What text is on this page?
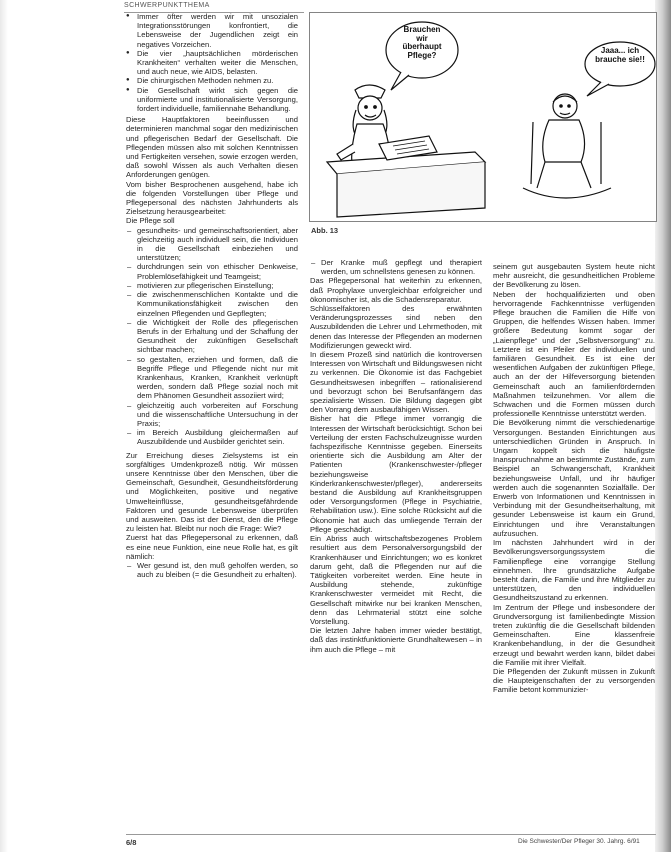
SCHWERPUNKTTHEMA
● Immer öfter werden wir mit unsozialen Integrationsstörungen konfrontiert, die Lebensweise der Jugendlichen zeigt ein negatives Vorzeichen.
● Die vier „hauptsächlichen mörderischen Krankheiten“ verhalten weiter die Menschen, und auch neue, wie AIDS, belasten.
● Die chirurgischen Methoden nehmen zu.
● Die Gesellschaft wirkt sich gegen die uniformierte und institutionalisierte Versorgung, fordert individuelle, familiennahe Behandlung.

Diese Hauptfaktoren beeinflussen und determinieren manchmal sogar den medizinischen und pflegerischen Bedarf der Gesellschaft. Die Pflegenden müssen also mit solchen Kenntnissen und Fertigkeiten versehen, sowie erzogen werden, daß sowohl Wissen als auch Verhalten diesen Anforderungen genügen.

Vom bisher Besprochenen ausgehend, habe ich die folgenden Vorstellungen über Pflege und Pflegepersonal des nächsten Jahrhunderts als Zielsetzung herausgearbeitet:

Die Pflege soll

– gesundheits- und gemeinschaftsorientiert, aber gleichzeitig auch individuell sein, die Individuen in die Gesellschaft einbeziehen und unterstützen;
– durchdrungen sein von ethischer Denkweise, Problemlösefähigkeit und Teamgeist;
– motivieren zur pflegerischen Einstellung;
– die zwischenmenschlichen Kontakte und die Kommunikationsfähigkeit zwischen den einzelnen Pflegenden und Gepflegten;
– die Wichtigkeit der Rolle des pflegerischen Berufs in der Erhaltung und der Schaffung der Gesundheit der zukünftigen Gesellschaft sichtbar machen;
– so gestalten, erziehen und formen, daß die Begriffe Pflege und Pflegende nicht nur mit Krankenhaus, Kranken, Krankheit verknüpft werden, sondern daß Pflege sozial noch mit dem Phänomen Gesundheit assoziiert wird;
– gleichzeitig auch vorbereiten auf Forschung und die wissenschaftliche Untersuchung in der Praxis;
– im Bereich Ausbildung gleichermaßen auf Auszubildende und Ausbilder gerichtet sein.

Zur Erreichung dieses Zielsystems ist ein sorgfältiges Umdenkprozeß nötig. Wir müssen unsere Kenntnisse über den Menschen, über die Gemeinschaft, Gesundheit, Gesundheitsförderung und Möglichkeiten, positive und negative Umwelteinflüsse, gesundheitsgefährdende Faktoren und gesunde Lebensweise überprüfen und ausweiten. Das ist der Dienst, den die Pflege zu leisten hat. Bleibt nur noch die Frage: Wie?

Zuerst hat das Pflegepersonal zu erkennen, daß es eine neue Funktion, eine neue Rolle hat, es gilt nämlich:

– Wer gesund ist, den muß geholfen werden, so auch zu bleiben (= die Gesundheit zu erhalten).
Brauchen wir überhaupt Pflege?
Jaaa... ich brauche sie!!
Abb. 13
– Der Kranke muß gepflegt und therapiert werden, um schnellstens genesen zu können.

Das Pflegepersonal hat weiterhin zu erkennen, daß Prophylaxe unvergleichbar erfolgreicher und ökonomischer ist, als die Schadensreparatur.

Schlüsselfaktoren des erwähnten Veränderungsprozesses sind neben den Auszubildenden die Lehrer und Lehrmethoden, mit denen das Interesse der Pflegenden an modernen Modifizierungen geweckt wird.

In diesem Prozeß sind natürlich die kontroversen Interessen von Wirtschaft und Bildungswesen nicht zu verkennen. Die Ökonomie ist das Fachgebiet Gesundheitswesen inbegriffen – rationalisierend und bevorzugt schon bei Berufsanfängern das spezialisierte Wissen. Die Bildung dagegen gibt den Vorrang dem ausbaufähigen Wissen.

Bisher hat die Pflege immer vorrangig die Interessen der Wirtschaft berücksichtigt. Schon bei Verteilung der ersten Fachschulzeugnisse wurden fachspezifische Kenntnisse gegeben. Einerseits orientierte sich die Ausbildung am Alter der Patienten (Krankenschwester-/pfleger beziehungsweise Kinderkrankenschwester/pfleger), andererseits bestand die Ausbildung auf Krankheitsgruppen oder Versorgungsformen (Pflege in Psychiatrie, Rehabilitation usw.). Eine solche Rücksicht auf die Ökonomie hat auch das umliegende Terrain der Pflege geschädigt.

Ein Abriss auch wirtschaftsbezogenes Problem resultiert aus dem Personalversorgungsbild der Krankenhäuser und Einrichtungen; wo es konkret darum geht, daß die Pflegenden nur auf die Tätigkeiten vorbereitet werden. Eine heute in Ausbildung stehende, zukünftige Krankenschwester vermeidet mit Recht, die Gesellschaft mitwirke nur bei kranken Menschen, denn das Lehrmaterial stützt eine solche Vorstellung.

Die letzten Jahre haben immer wieder bestätigt, daß das instinktfunktionierte Grundhaltewesen – in ihm auch die Pflege – mit

seinem gut ausgebauten System heute nicht mehr ausreicht, die gesundheitlichen Probleme der Bevölkerung zu lösen.

Neben der hochqualifizierten und oben hervorragende Fachkenntnisse verfügenden Pflege brauchen die Familien die Hilfe von Gruppen, die helfendes Wissen haben. Immer größere Bedeutung kommt sogar der „Laienpflege“ und der „Selbstversorgung“ zu. Letztere ist ein Pfeiler der individuellen und familiären Gesundheit. Es ist eine der wesentlichen Aufgaben der zukünftigen Pflege, auch an der der Hilfeversorgung bietenden Gemeinschaft auch an familienfördernden Maßnahmen teilzunehmen. Vor allem die Schwachen und die Formen müssen durch professionelle Kenntnisse unterstützt werden.

Die Bevölkerung nimmt die verschiedenartige Versorgungen. Bestanden Einrichtungen aus unterschiedlichen Gründen in Anspruch. In Ungarn koppelt sich die häufigste Inanspruchnahme an bestimmte Zustände, zum Beispiel an Schwangerschaft, Krankheit beziehungsweise Unfall, und ihr häufiger werden auch die sogenannten Sozialfälle. Der Erwerb von Informationen und Kenntnissen in Verbindung mit der Gesundheitserhaltung, mit gesunder Lebensweise ist kaum ein Grund, Einrichtungen und ihre Veranstaltungen aufzusuchen.

Im nächsten Jahrhundert wird in der Bevölkerungsversorgungssystem die Familienpflege eine vorrangige Stellung einnehmen. Ihre grundsätzliche Aufgabe besteht darin, die Familie und ihre Mitglieder zu unterstützen, den individuellen Gesundheitszustand zu erkennen.

Im Zentrum der Pflege und insbesondere der Grundversorgung ist familienbedingte Mission treten zukünftig die die Gesellschaft bildenden Gemeinschaften. Eine klassenfreie Krankenbehandlung, in der die Gesundheit erzeugt und bewahrt werden kann, bildet dabei die Familie mit ihrer Vielfalt.

Die Pflegenden der Zukunft müssen in Zukunft die Haupteigenschaften der zu versorgenden Familie betont kommunizier-

6/8	Die Schwester/Der Pfleger 30. Jahrg. 6/91
